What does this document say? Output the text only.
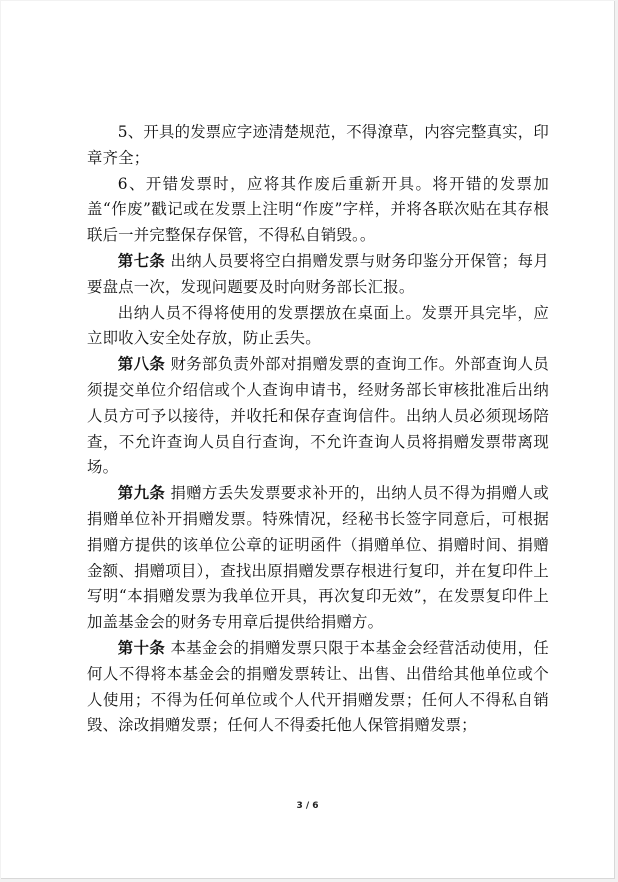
5、开具的发票应字迹清楚规范，不得潦草，内容完整真实，印章齐全；

6、开错发票时，应将其作废后重新开具。将开错的发票加盖“作废”戳记或在发票上注明“作废”字样，并将各联次贴在其存根联后一并完整保存保管，不得私自销毁。。

第七条 出纳人员要将空白捐赠发票与财务印鉴分开保管；每月要盘点一次，发现问题要及时向财务部长汇报。

出纳人员不得将使用的发票摆放在桌面上。发票开具完毕，应立即收入安全处存放，防止丢失。

第八条 财务部负责外部对捐赠发票的查询工作。外部查询人员须提交单位介绍信或个人查询申请书，经财务部长审核批准后出纳人员方可予以接待，并收托和保存查询信件。出纳人员必须现场陪查，不允许查询人员自行查询，不允许查询人员将捐赠发票带离现场。

第九条 捐赠方丢失发票要求补开的，出纳人员不得为捐赠人或捐赠单位补开捐赠发票。特殊情况，经秘书长签字同意后，可根据捐赠方提供的该单位公章的证明函件（捐赠单位、捐赠时间、捐赠金额、捐赠项目），查找出原捐赠发票存根进行复印，并在复印件上写明“本捐赠发票为我单位开具，再次复印无效”，在发票复印件上加盖基金会的财务专用章后提供给捐赠方。

第十条 本基金会的捐赠发票只限于本基金会经营活动使用，任何人不得将本基金会的捐赠发票转让、出售、出借给其他单位或个人使用；不得为任何单位或个人代开捐赠发票；任何人不得私自销毁、涂改捐赠发票；任何人不得委托他人保管捐赠发票；

3 / 6
